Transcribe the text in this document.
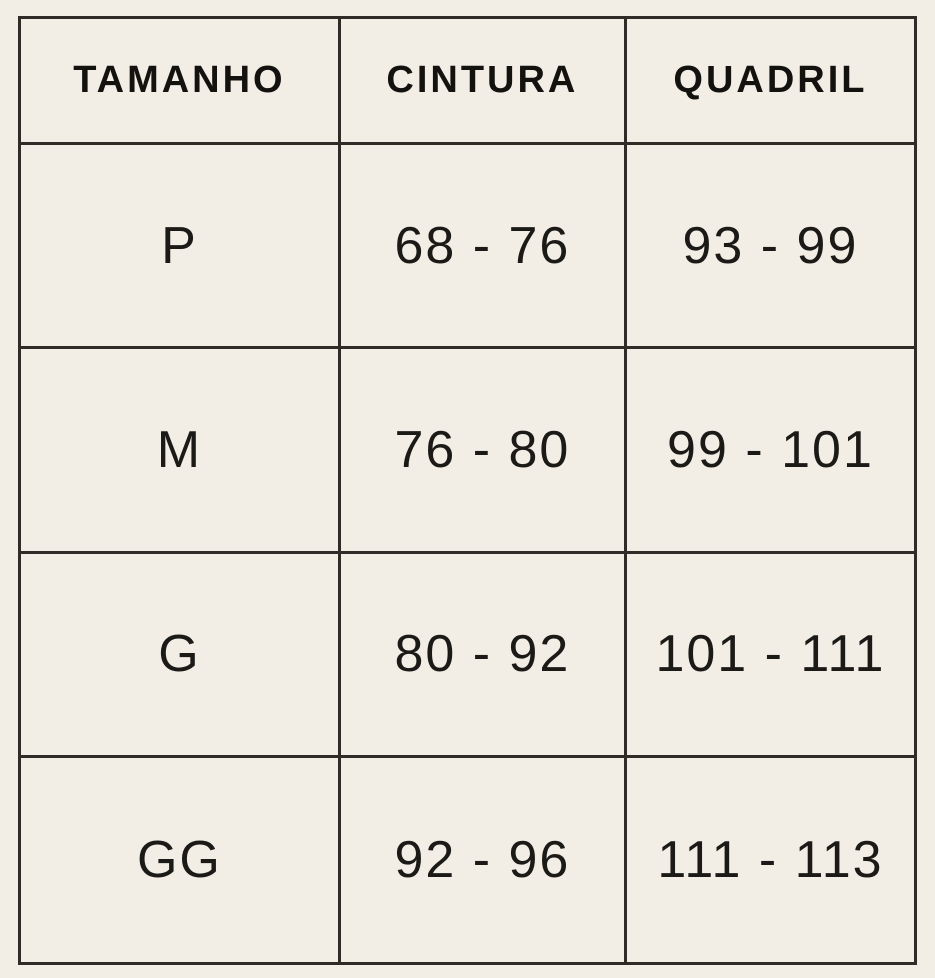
TAMANHO	CINTURA	QUADRIL
P	68 - 76	93 - 99
M	76 - 80	99 - 101
G	80 - 92	101 - 111
GG	92 - 96	111 - 113
